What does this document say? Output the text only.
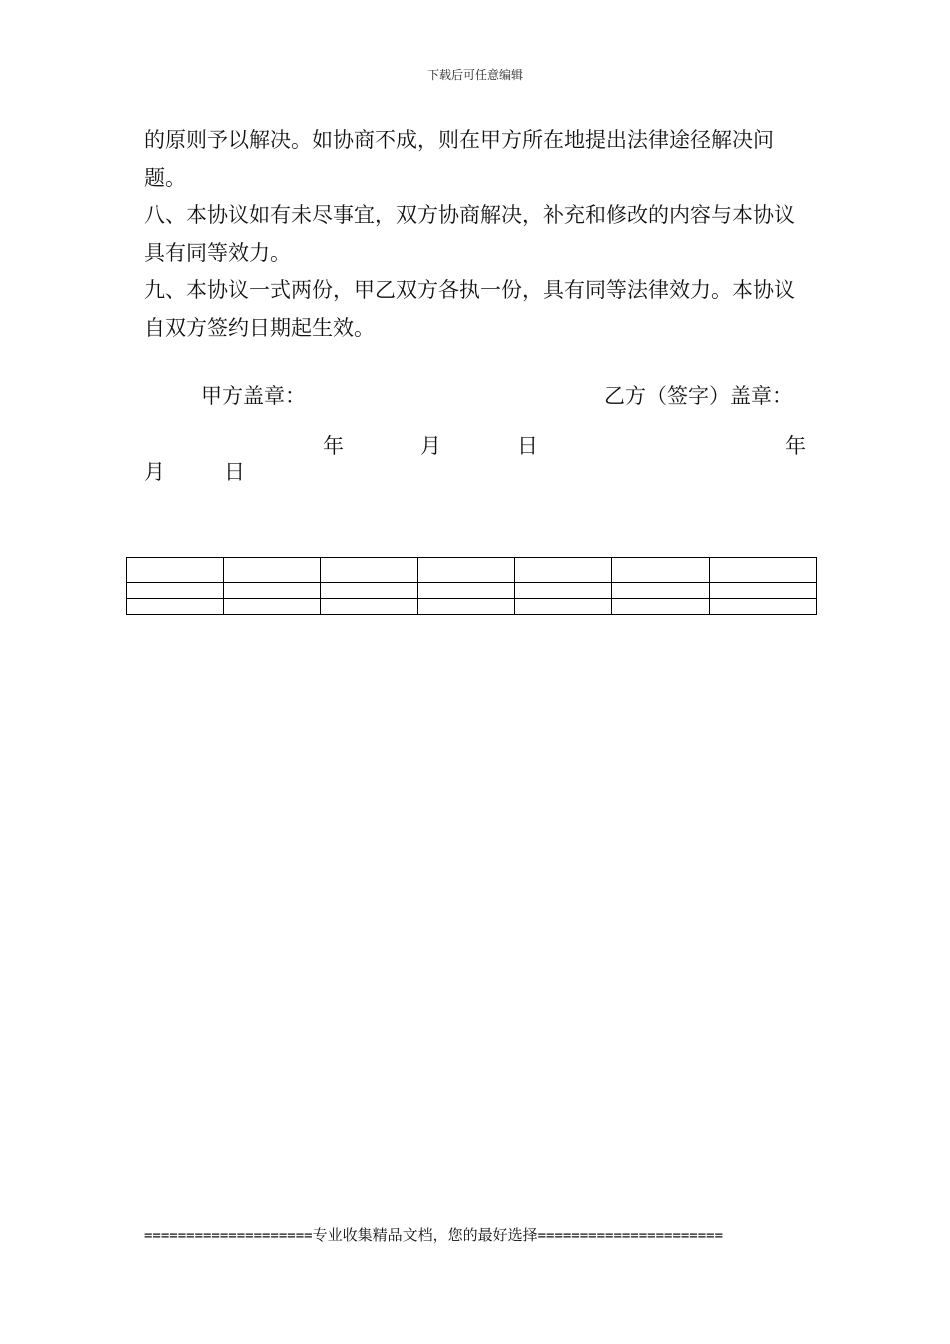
下载后可任意编辑

的原则予以解决。如协商不成，则在甲方所在地提出法律途径解决问题。

八、本协议如有未尽事宜，双方协商解决，补充和修改的内容与本协议具有同等效力。

九、本协议一式两份，甲乙双方各执一份，具有同等法律效力。本协议自双方签约日期起生效。

甲方盖章：	乙方（签字）盖章：
年	月	日	年
月	日

====================专业收集精品文档，您的最好选择======================
